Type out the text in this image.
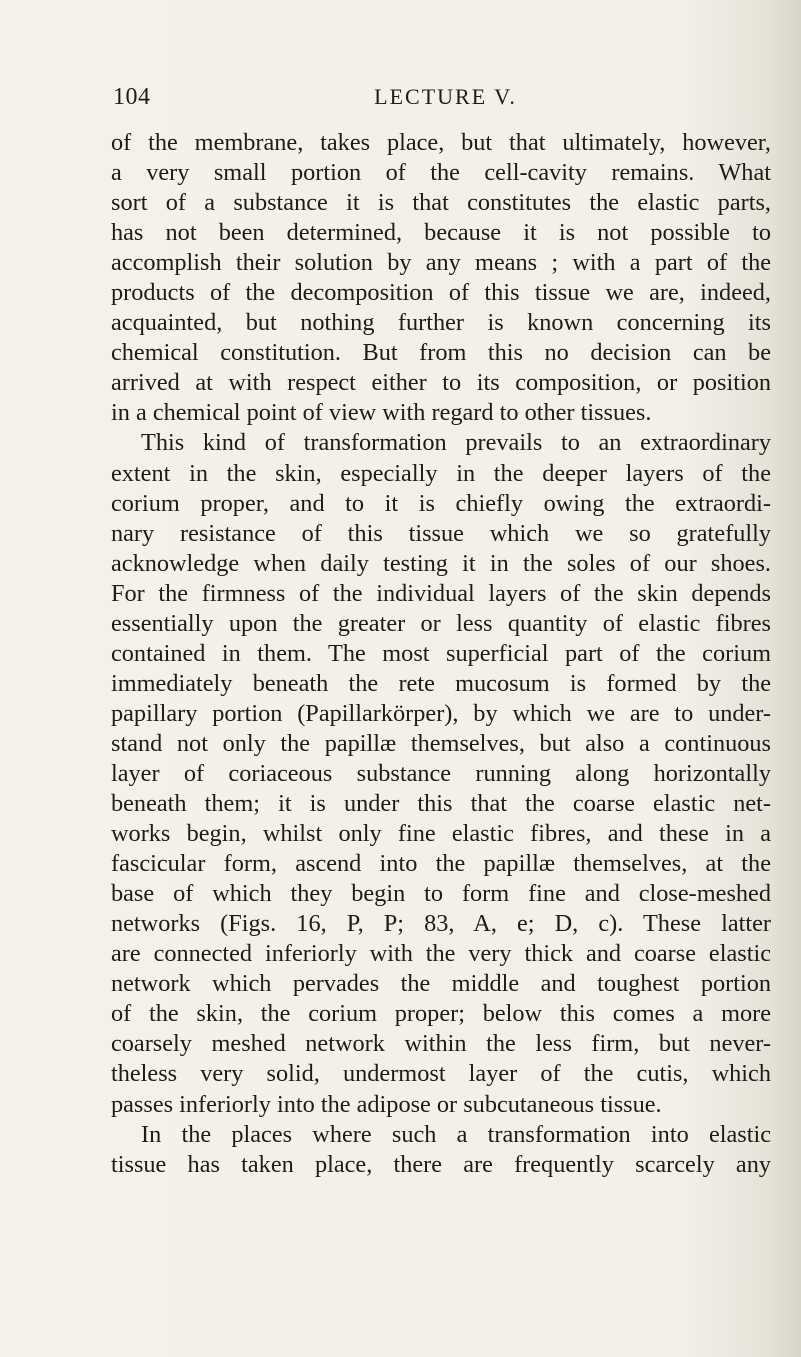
104	LECTURE V.
of the membrane, takes place, but that ultimately, however,
a very small portion of the cell-cavity remains. What
sort of a substance it is that constitutes the elastic parts,
has not been determined, because it is not possible to
accomplish their solution by any means ; with a part of the
products of the decomposition of this tissue we are, indeed,
acquainted, but nothing further is known concerning its
chemical constitution. But from this no decision can be
arrived at with respect either to its composition, or position
in a chemical point of view with regard to other tissues.
This kind of transformation prevails to an extraordinary
extent in the skin, especially in the deeper layers of the
corium proper, and to it is chiefly owing the extraordi-
nary resistance of this tissue which we so gratefully
acknowledge when daily testing it in the soles of our shoes.
For the firmness of the individual layers of the skin depends
essentially upon the greater or less quantity of elastic fibres
contained in them. The most superficial part of the corium
immediately beneath the rete mucosum is formed by the
papillary portion (Papillarkörper), by which we are to under-
stand not only the papillæ themselves, but also a continuous
layer of coriaceous substance running along horizontally
beneath them; it is under this that the coarse elastic net-
works begin, whilst only fine elastic fibres, and these in a
fascicular form, ascend into the papillæ themselves, at the
base of which they begin to form fine and close-meshed
networks (Figs. 16, P, P; 83, A, e; D, c). These latter
are connected inferiorly with the very thick and coarse elastic
network which pervades the middle and toughest portion
of the skin, the corium proper; below this comes a more
coarsely meshed network within the less firm, but never-
theless very solid, undermost layer of the cutis, which
passes inferiorly into the adipose or subcutaneous tissue.
In the places where such a transformation into elastic
tissue has taken place, there are frequently scarcely any
